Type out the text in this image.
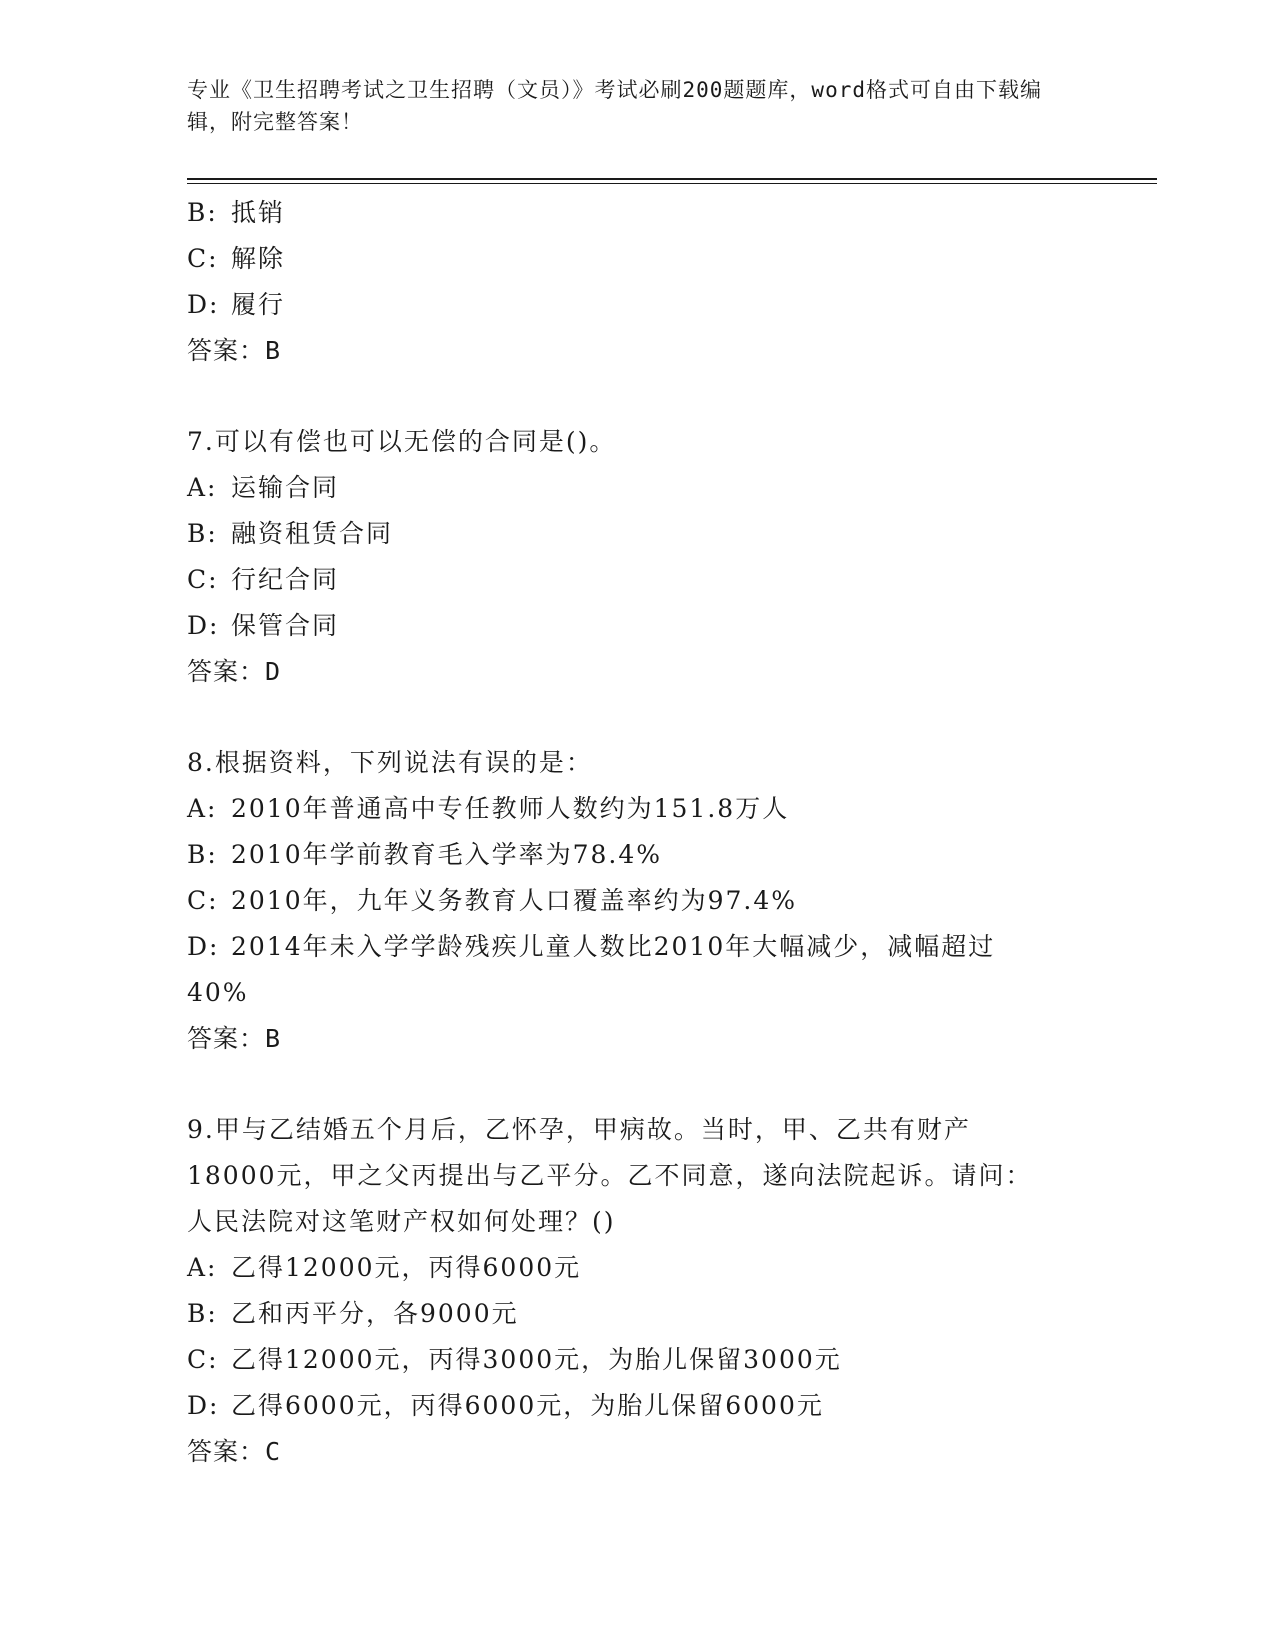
专业《卫生招聘考试之卫生招聘（文员）》考试必刷200题题库，word格式可自由下载编辑，附完整答案！
B: 抵销
C: 解除
D: 履行
答案：B
7.可以有偿也可以无偿的合同是()。
A: 运输合同
B: 融资租赁合同
C: 行纪合同
D: 保管合同
答案：D
8.根据资料，下列说法有误的是：
A: 2010年普通高中专任教师人数约为151.8万人
B: 2010年学前教育毛入学率为78.4%
C: 2010年，九年义务教育人口覆盖率约为97.4%
D: 2014年未入学学龄残疾儿童人数比2010年大幅减少，减幅超过40%
答案：B
9.甲与乙结婚五个月后，乙怀孕，甲病故。当时，甲、乙共有财产18000元，甲之父丙提出与乙平分。乙不同意，遂向法院起诉。请问：人民法院对这笔财产权如何处理？()
A: 乙得12000元，丙得6000元
B: 乙和丙平分，各9000元
C: 乙得12000元，丙得3000元，为胎儿保留3000元
D: 乙得6000元，丙得6000元，为胎儿保留6000元
答案：C
